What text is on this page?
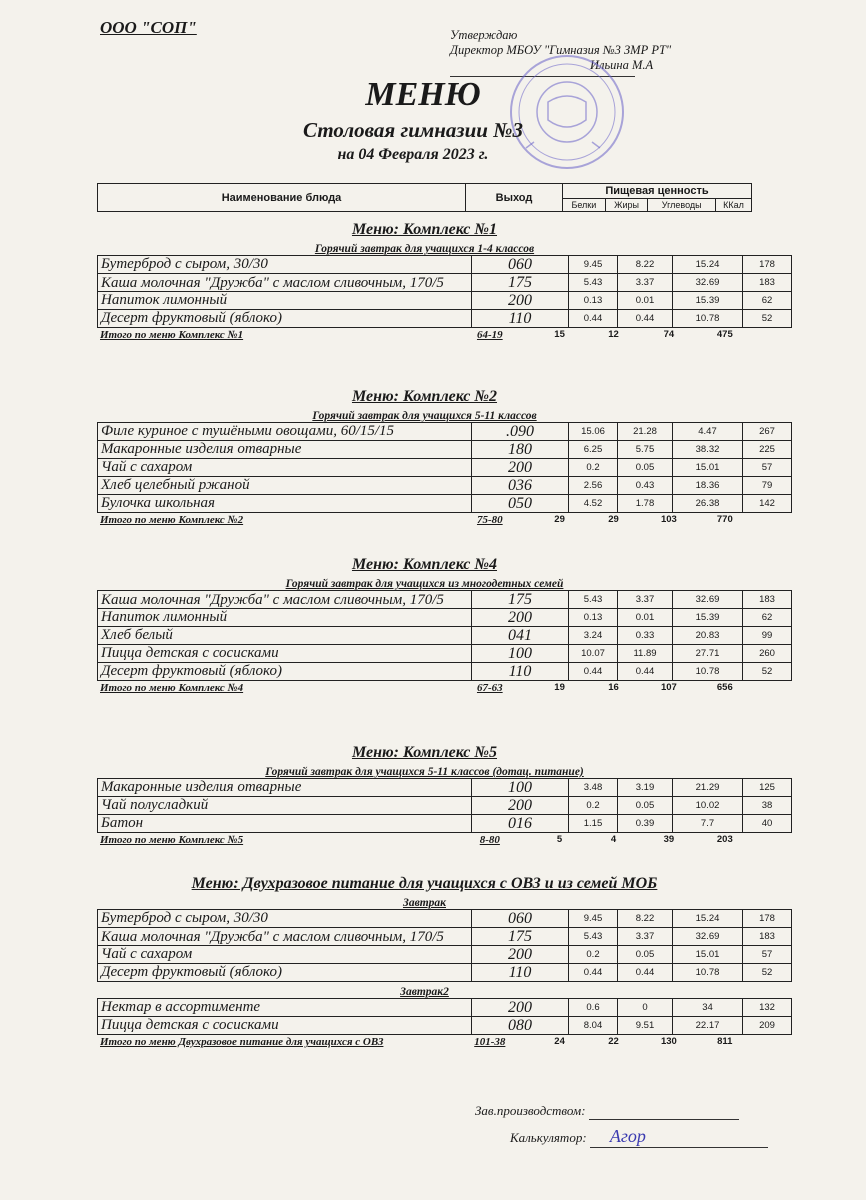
ООО "СОП"	Утверждаю
Директор МБОУ "Гимназия №3 ЗМР РТ"
Ильина М.А
МЕНЮ
Столовая гимназии №3
на 04 Февраля 2023 г.
Наименование блюда	Выход	Пищевая ценность			
		Белки	Жиры	Углеводы	ККал
Меню: Комплекс №1
Горячий завтрак для учащихся 1-4 классов
Бутерброд с сыром, 30/30	060	9.45	8.22	15.24	178
Каша молочная "Дружба" с маслом сливочным, 170/5	175	5.43	3.37	32.69	183
Напиток лимонный	200	0.13	0.01	15.39	62
Десерт фруктовый (яблоко)	110	0.44	0.44	10.78	52
Итого по меню Комплекс №1	64-19	15	12	74	475
Меню: Комплекс №2
Горячий завтрак для учащихся 5-11 классов
Филе куриное с тушёными овощами, 60/15/15	.090	15.06	21.28	4.47	267
Макаронные изделия отварные	180	6.25	5.75	38.32	225
Чай с сахаром	200	0.2	0.05	15.01	57
Хлеб целебный ржаной	036	2.56	0.43	18.36	79
Булочка школьная	050	4.52	1.78	26.38	142
Итого по меню Комплекс №2	75-80	29	29	103	770
Меню: Комплекс №4
Горячий завтрак для учащихся из многодетных семей
Каша молочная "Дружба" с маслом сливочным, 170/5	175	5.43	3.37	32.69	183
Напиток лимонный	200	0.13	0.01	15.39	62
Хлеб белый	041	3.24	0.33	20.83	99
Пицца детская с сосисками	100	10.07	11.89	27.71	260
Десерт фруктовый (яблоко)	110	0.44	0.44	10.78	52
Итого по меню Комплекс №4	67-63	19	16	107	656
Меню: Комплекс №5
Горячий завтрак для учащихся 5-11 классов (дотац. питание)
Макаронные изделия отварные	100	3.48	3.19	21.29	125
Чай полусладкий	200	0.2	0.05	10.02	38
Батон	016	1.15	0.39	7.7	40
Итого по меню Комплекс №5	8-80	5	4	39	203
Меню: Двухразовое питание для учащихся с ОВЗ и из семей МОБ
Завтрак
Бутерброд с сыром, 30/30	060	9.45	8.22	15.24	178
Каша молочная "Дружба" с маслом сливочным, 170/5	175	5.43	3.37	32.69	183
Чай с сахаром	200	0.2	0.05	15.01	57
Десерт фруктовый (яблоко)	110	0.44	0.44	10.78	52
Завтрак2
Нектар в ассортименте	200	0.6	0	34	132
Пицца детская с сосисками	080	8.04	9.51	22.17	209
Итого по меню Двухразовое питание для учащихся с ОВЗ	101-38	24	22	130	811
Зав.производством:
Калькулятор: Агор
